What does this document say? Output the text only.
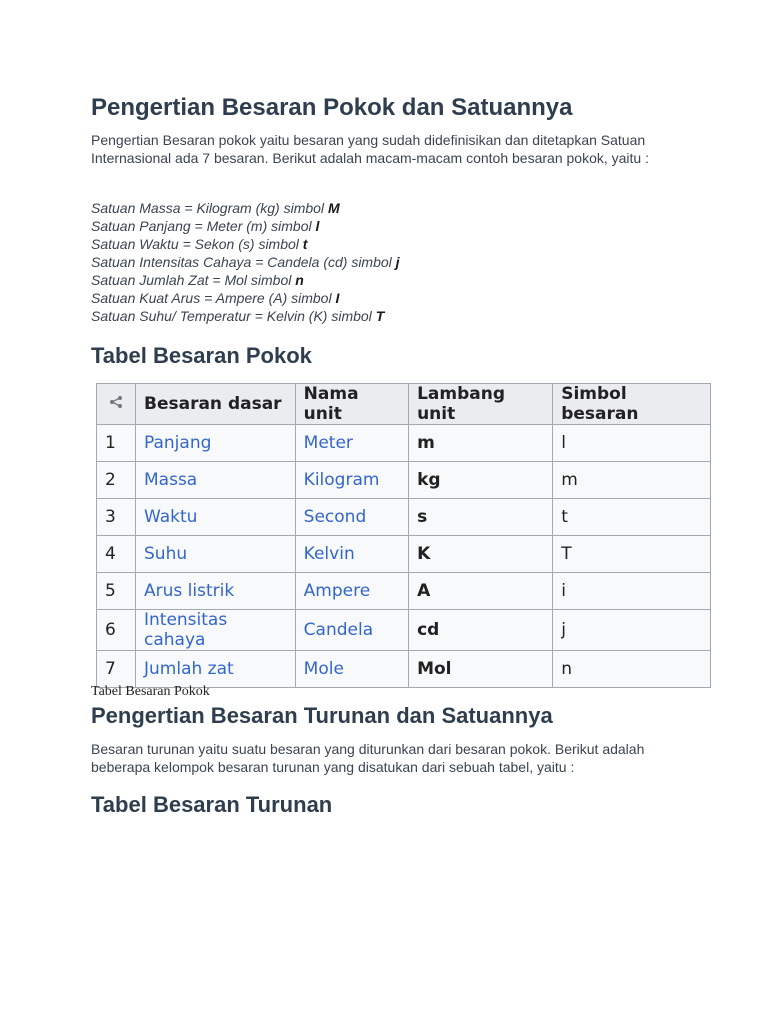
Pengertian Besaran Pokok dan Satuannya

Pengertian Besaran pokok yaitu besaran yang sudah didefinisikan dan ditetapkan Satuan Internasional ada 7 besaran. Berikut adalah macam-macam contoh besaran pokok, yaitu :

Satuan Massa = Kilogram (kg) simbol M
Satuan Panjang = Meter (m) simbol l
Satuan Waktu = Sekon (s) simbol t
Satuan Intensitas Cahaya = Candela (cd) simbol j
Satuan Jumlah Zat = Mol simbol n
Satuan Kuat Arus = Ampere (A) simbol I
Satuan Suhu/ Temperatur = Kelvin (K) simbol T
Tabel Besaran Pokok
	Besaran dasar	Nama unit	Lambang unit	Simbol besaran
1	Panjang	Meter	m	l
2	Massa	Kilogram	kg	m
3	Waktu	Second	s	t
4	Suhu	Kelvin	K	T
5	Arus listrik	Ampere	A	i
6	Intensitas cahaya	Candela	cd	j
7	Jumlah zat	Mole	Mol	n
Tabel Besaran Pokok
Pengertian Besaran Turunan dan Satuannya

Besaran turunan yaitu suatu besaran yang diturunkan dari besaran pokok. Berikut adalah beberapa kelompok besaran turunan yang disatukan dari sebuah tabel, yaitu :

Tabel Besaran Turunan
